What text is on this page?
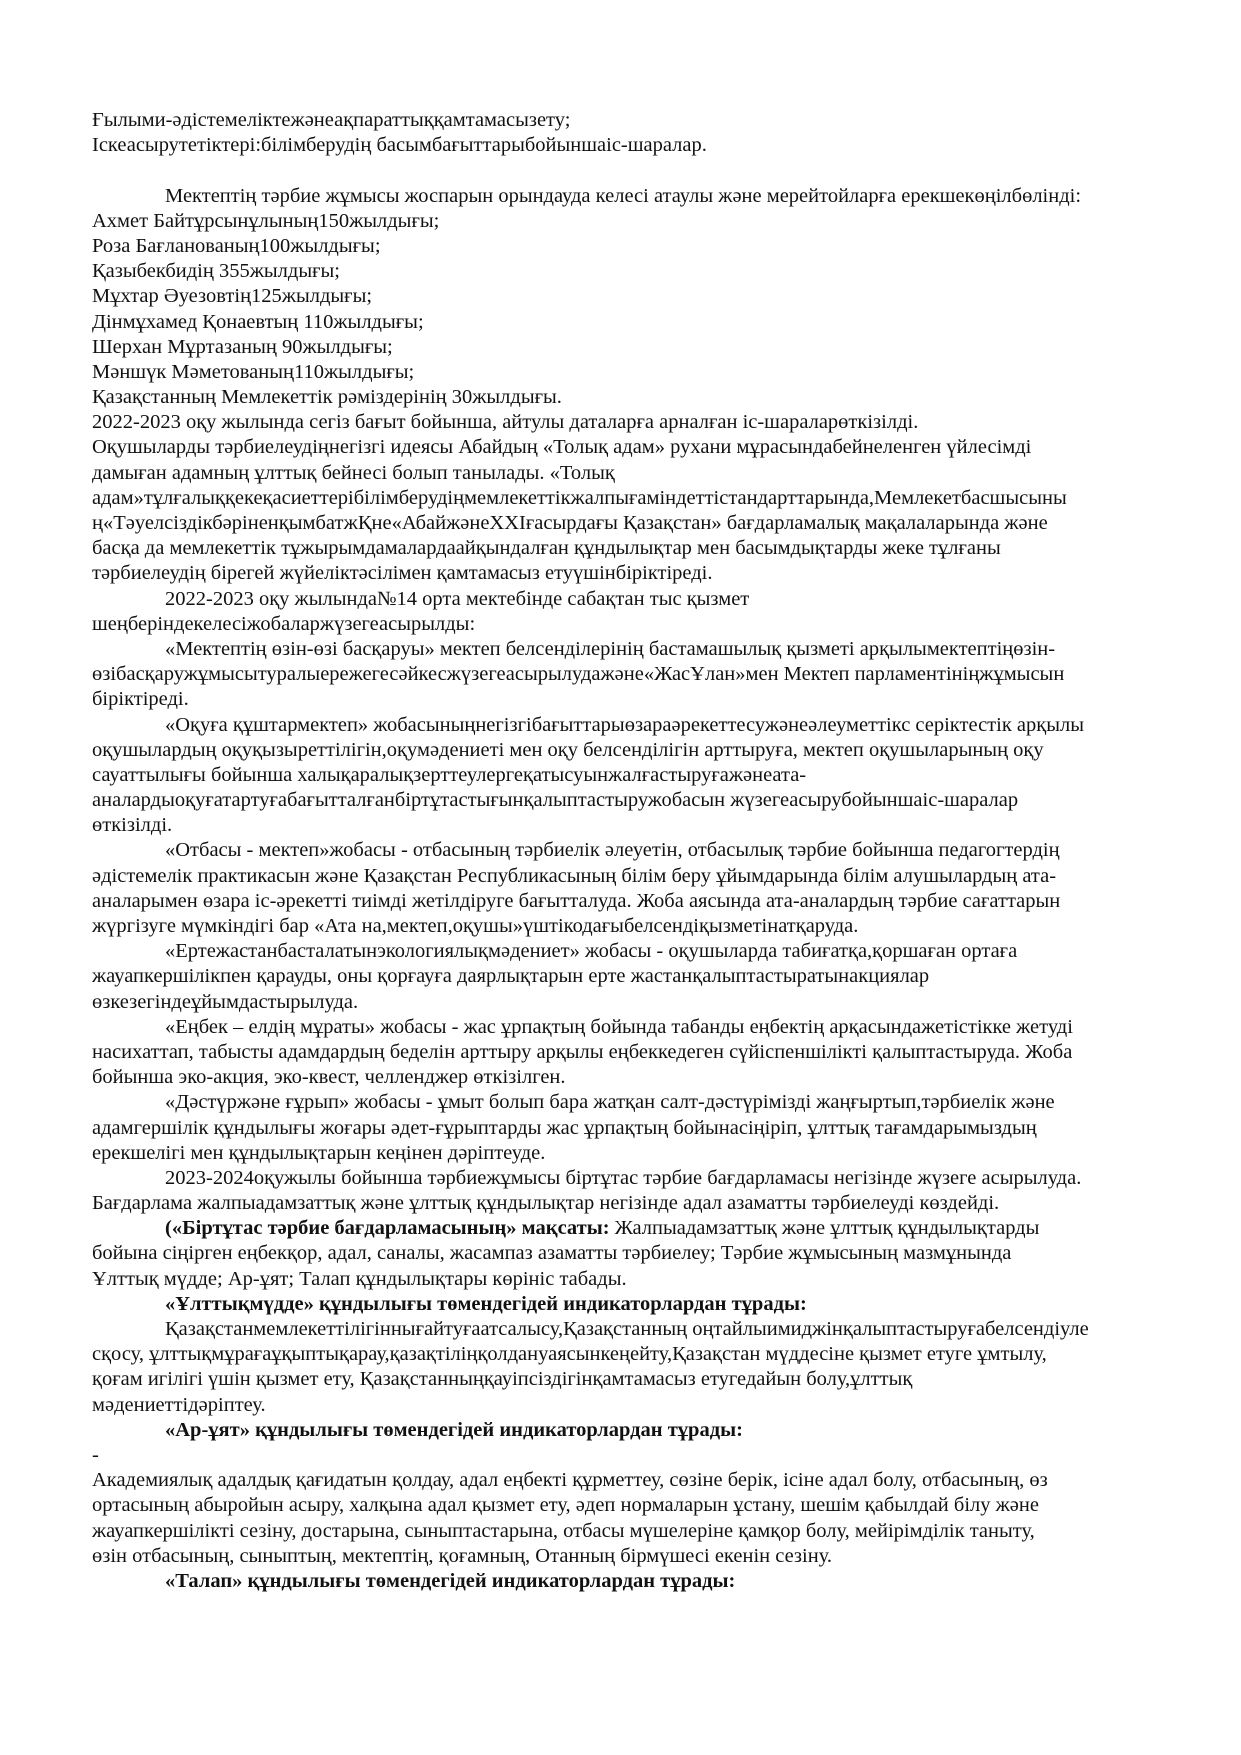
Ғылыми-әдістемеліктежәнеақпараттыққамтамасызету;
Іскеасырутетіктері:білімберудің басымбағыттарыбойыншаіс-шаралар.
Мектептің тәрбие жұмысы жоспарын орындауда келесі атаулы және мерейтойларға ерекшекөңілбөлінді:
Ахмет Байтұрсынұлының150жылдығы;
Роза Бағланованың100жылдығы;
Қазыбекбидің 355жылдығы;
Мұхтар Әуезовтің125жылдығы;
Дінмұхамед Қонаевтың 110жылдығы;
Шерхан Мұртазаның 90жылдығы;
Мәншүк Мәметованың110жылдығы;
Қазақстанның Мемлекеттік рәміздерінің 30жылдығы.
2022-2023 оқу жылында сегіз бағыт бойынша, айтулы даталарға арналған іс-шараларөткізілді.
Оқушыларды тәрбиелеудіңнегізгі идеясы Абайдың «Толық адам» рухани мұрасындабейнеленген үйлесімді
дамыған адамның ұлттық бейнесі болып танылады. «Толық
адам»тұлғалыққекеқасиеттерібілімберудіңмемлекеттікжалпығаміндеттістандарттарында,Мемлекетбасшысыны
ң«ТәуелсіздікбәріненқымбатжҚне«АбайжәнеXXIғасырдағы Қазақстан» бағдарламалық мақалаларында және
басқа да мемлекеттік тұжырымдамалардаайқындалған құндылықтар мен басымдықтарды жеке тұлғаны
тәрбиелеудің бірегей жүйеліктәсілімен қамтамасыз етуүшінбіріктіреді.
2022-2023 оқу жылында№14 орта мектебінде сабақтан тыс қызмет
шеңберіндекелесіжобаларжүзегеасырылды:
«Мектептің өзін-өзі басқаруы» мектеп белсенділерінің бастамашылық қызметі арқылымектептіңөзін-
өзібасқаружұмысытуралыережегесәйкесжүзегеасырылудажәне«ЖасҰлан»мен Мектеп парламентініңжұмысын
біріктіреді.
«Оқуға құштармектеп» жобасыныңнегізгібағыттарыөзараәрекеттесужәнеәлеуметтікс серіктестік арқылы
оқушылардың оқуқызыреттілігін,оқумәдениеті мен оқу белсенділігін арттыруға, мектеп оқушыларының оқу
сауаттылығы бойынша халықаралықзерттеулергеқатысуынжалғастыруғажәнеата-
аналардыоқуғатартуғабағытталғанбіртұтастығынқалыптастыружобасын жүзегеасырубойыншаіс-шаралар
өткізілді.
«Отбасы - мектеп»жобасы - отбасының тәрбиелік әлеуетін, отбасылық тәрбие бойынша педагогтердің
әдістемелік практикасын және Қазақстан Республикасының білім беру ұйымдарында білім алушылардың ата-
аналарымен өзара іс-әрекетті тиімді жетілдіруге бағытталуда. Жоба аясында ата-аналардың тәрбие сағаттарын
жүргізуге мүмкіндігі бар «Ата на,мектеп,оқушы»үштікодағыбелсендіқызметінатқаруда.
«Ертежастанбасталатынэкологиялықмәдениет» жобасы - оқушыларда табиғатқа,қоршаған ортаға
жауапкершілікпен қарауды, оны қорғауға даярлықтарын ерте жастанқалыптастыратынакциялар
өзкезегіндеұйымдастырылуда.
«Еңбек – елдің мұраты» жобасы - жас ұрпақтың бойында табанды еңбектің арқасындажетістікке жетуді
насихаттап, табысты адамдардың беделін арттыру арқылы еңбеккедеген сүйіспеншілікті қалыптастыруда. Жоба
бойынша эко-акция, эко-квест, челленджер өткізілген.
«Дәстүржәне ғұрып» жобасы - ұмыт болып бара жатқан салт-дәстүрімізді жаңғыртып,тәрбиелік және
адамгершілік құндылығы жоғары әдет-ғұрыптарды жас ұрпақтың бойынасіңіріп, ұлттық тағамдарымыздың
ерекшелігі мен құндылықтарын кеңінен дәріптеуде.
2023-2024оқужылы бойынша тәрбиежұмысы біртұтас тәрбие бағдарламасы негізінде жүзеге асырылуда.
Бағдарлама жалпыадамзаттық және ұлттық құндылықтар негізінде адал азаматты тәрбиелеуді көздейді.
(«Біртұтас тәрбие бағдарламасының» мақсаты: Жалпыадамзаттық және ұлттық құндылықтарды
бойына сіңірген еңбекқор, адал, саналы, жасампаз азаматты тәрбиелеу; Тәрбие жұмысының мазмұнында
Ұлттық мүдде; Ар-ұят; Талап құндылықтары көрініс табады.
«Ұлттықмүдде» құндылығы төмендегідей индикаторлардан тұрады:
Қазақстанмемлекеттілігіннығайтуғаатсалысу,Қазақстанның оңтайлыимиджінқалыптастыруғабелсендіуле
сқосу, ұлттықмұрағаұқыптықарау,қазақтіліңқолдануаясынкеңейту,Қазақстан мүддесіне қызмет етуге ұмтылу,
қоғам игілігі үшін қызмет ету, Қазақстанныңқауіпсіздігінқамтамасыз етугедайын болу,ұлттық
мәдениеттідәріптеу.
«Ар-ұят» құндылығы төмендегідей индикаторлардан тұрады:
-
Академиялық адалдық қағидатын қолдау, адал еңбекті құрметтеу, сөзіне берік, ісіне адал болу, отбасының, өз
ортасының абыройын асыру, халқына адал қызмет ету, әдеп нормаларын ұстану, шешім қабылдай білу және
жауапкершілікті сезіну, достарына, сыныптастарына, отбасы мүшелеріне қамқор болу, мейірімділік таныту,
өзін отбасының, сыныптың, мектептің, қоғамның, Отанның бірмүшесі екенін сезіну.
«Талап» құндылығы төмендегідей индикаторлардан тұрады:
